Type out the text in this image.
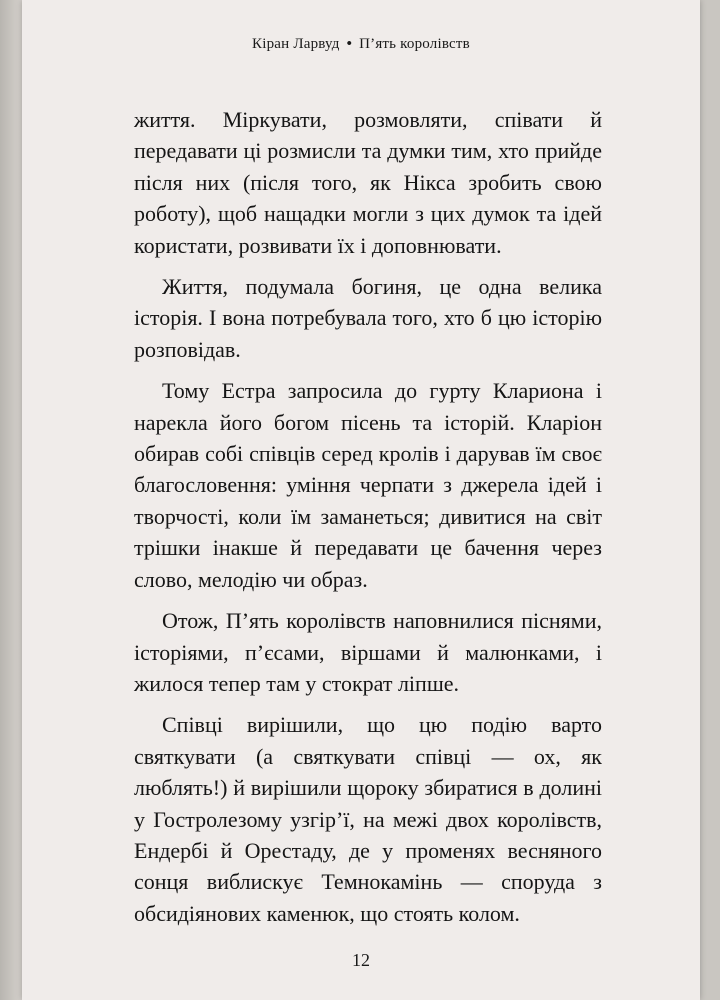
Кіран Ларвуд • П’ять королівств

життя. Міркувати, розмовляти, співати й передавати ці розмисли та думки тим, хто прийде після них (після того, як Нікса зробить свою роботу), щоб нащадки могли з цих думок та ідей користати, розвивати їх і доповнювати.

Життя, подумала богиня, це одна велика історія. І вона потребувала того, хто б цю історію розповідав.

Тому Естра запросила до гурту Клариона і нарекла його богом пісень та історій. Кларіон обирав собі співців серед кролів і дарував їм своє благословення: уміння черпати з джерела ідей і творчості, коли їм заманеться; дивитися на світ трішки інакше й передавати це бачення через слово, мелодію чи образ.

Отож, П’ять королівств наповнилися піснями, історіями, п’єсами, віршами й малюнками, і жилося тепер там у стократ ліпше.

Співці вирішили, що цю подію варто святкувати (а святкувати співці — ох, як люблять!) й вирішили щороку збиратися в долині у Гостролезому узгір’ї, на межі двох королівств, Ендербі й Орестаду, де у променях весняного сонця виблискує Темнокамінь — споруда з обсидіянових каменюк, що стоять колом.

12
